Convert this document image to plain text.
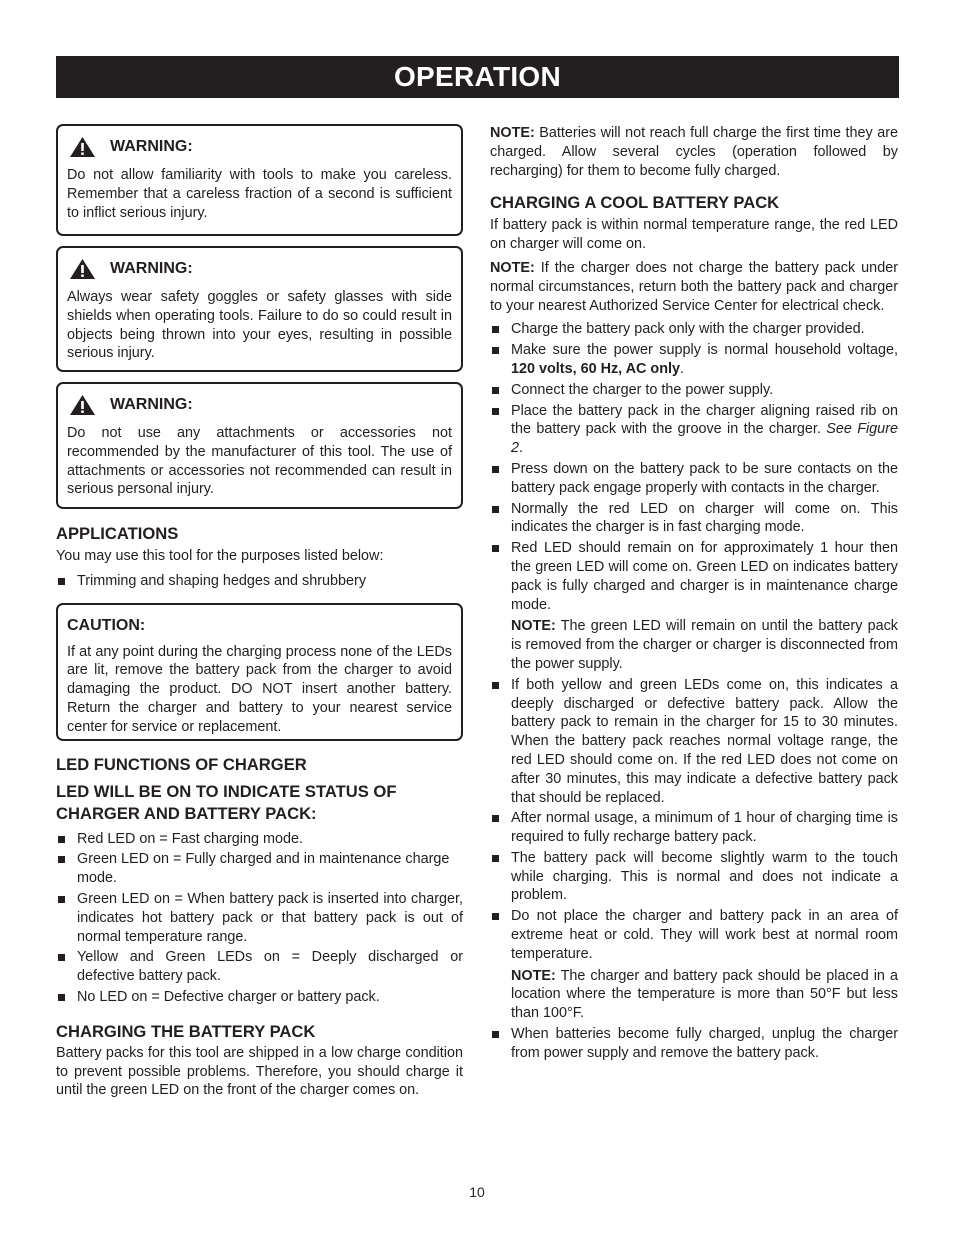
OPERATION
WARNING:

Do not allow familiarity with tools to make you careless. Remember that a careless fraction of a second is sufficient to inflict serious injury.

WARNING:

Always wear safety goggles or safety glasses with side shields when operating tools. Failure to do so could result in objects being thrown into your eyes, resulting in possible serious injury.

WARNING:

Do not use any attachments or accessories not recommended by the manufacturer of this tool. The use of attachments or accessories not recommended can result in serious personal injury.

APPLICATIONS

You may use this tool for the purposes listed below:

Trimming and shaping hedges and shrubbery
CAUTION:

If at any point during the charging process none of the LEDs are lit, remove the battery pack from the charger to avoid damaging the product. DO NOT insert another battery. Return the charger and battery to your nearest service center for service or replacement.

LED FUNCTIONS OF CHARGER
LED WILL BE ON TO INDICATE STATUS OF CHARGER AND BATTERY PACK:
Red LED on = Fast charging mode.
Green LED on = Fully charged and in maintenance charge mode.
Green LED on = When battery pack is inserted into charger, indicates hot battery pack or that battery pack is out of normal temperature range.
Yellow and Green LEDs on = Deeply discharged or defective battery pack.
No LED on = Defective charger or battery pack.
CHARGING THE BATTERY PACK

Battery packs for this tool are shipped in a low charge condition to prevent possible problems. Therefore, you should charge it until the green LED on the front of the charger comes on.

NOTE: Batteries will not reach full charge the first time they are charged. Allow several cycles (operation followed by recharging) for them to become fully charged.

CHARGING A COOL BATTERY PACK

If battery pack is within normal temperature range, the red LED on charger will come on.

NOTE: If the charger does not charge the battery pack under normal circumstances, return both the battery pack and charger to your nearest Authorized Service Center for electrical check.

Charge the battery pack only with the charger provided.
Make sure the power supply is normal household voltage, 120 volts, 60 Hz, AC only.
Connect the charger to the power supply.
Place the battery pack in the charger aligning raised rib on the battery pack with the groove in the charger. See Figure 2.
Press down on the battery pack to be sure contacts on the battery pack engage properly with contacts in the charger.
Normally the red LED on charger will come on. This indicates the charger is in fast charging mode.

Red LED should remain on for approximately 1 hour then the green LED will come on. Green LED on indicates battery pack is fully charged and charger is in maintenance charge mode.

NOTE: The green LED will remain on until the battery pack is removed from the charger or charger is disconnected from the power supply.

If both yellow and green LEDs come on, this indicates a deeply discharged or defective battery pack. Allow the battery pack to remain in the charger for 15 to 30 minutes. When the battery pack reaches normal voltage range, the red LED should come on. If the red LED does not come on after 30 minutes, this may indicate a defective battery pack that should be replaced.
After normal usage, a minimum of 1 hour of charging time is required to fully recharge battery pack.
The battery pack will become slightly warm to the touch while charging. This is normal and does not indicate a problem.

Do not place the charger and battery pack in an area of extreme heat or cold. They will work best at normal room temperature.

NOTE: The charger and battery pack should be placed in a location where the temperature is more than 50°F but less than 100°F.

When batteries become fully charged, unplug the charger from power supply and remove the battery pack.
10
